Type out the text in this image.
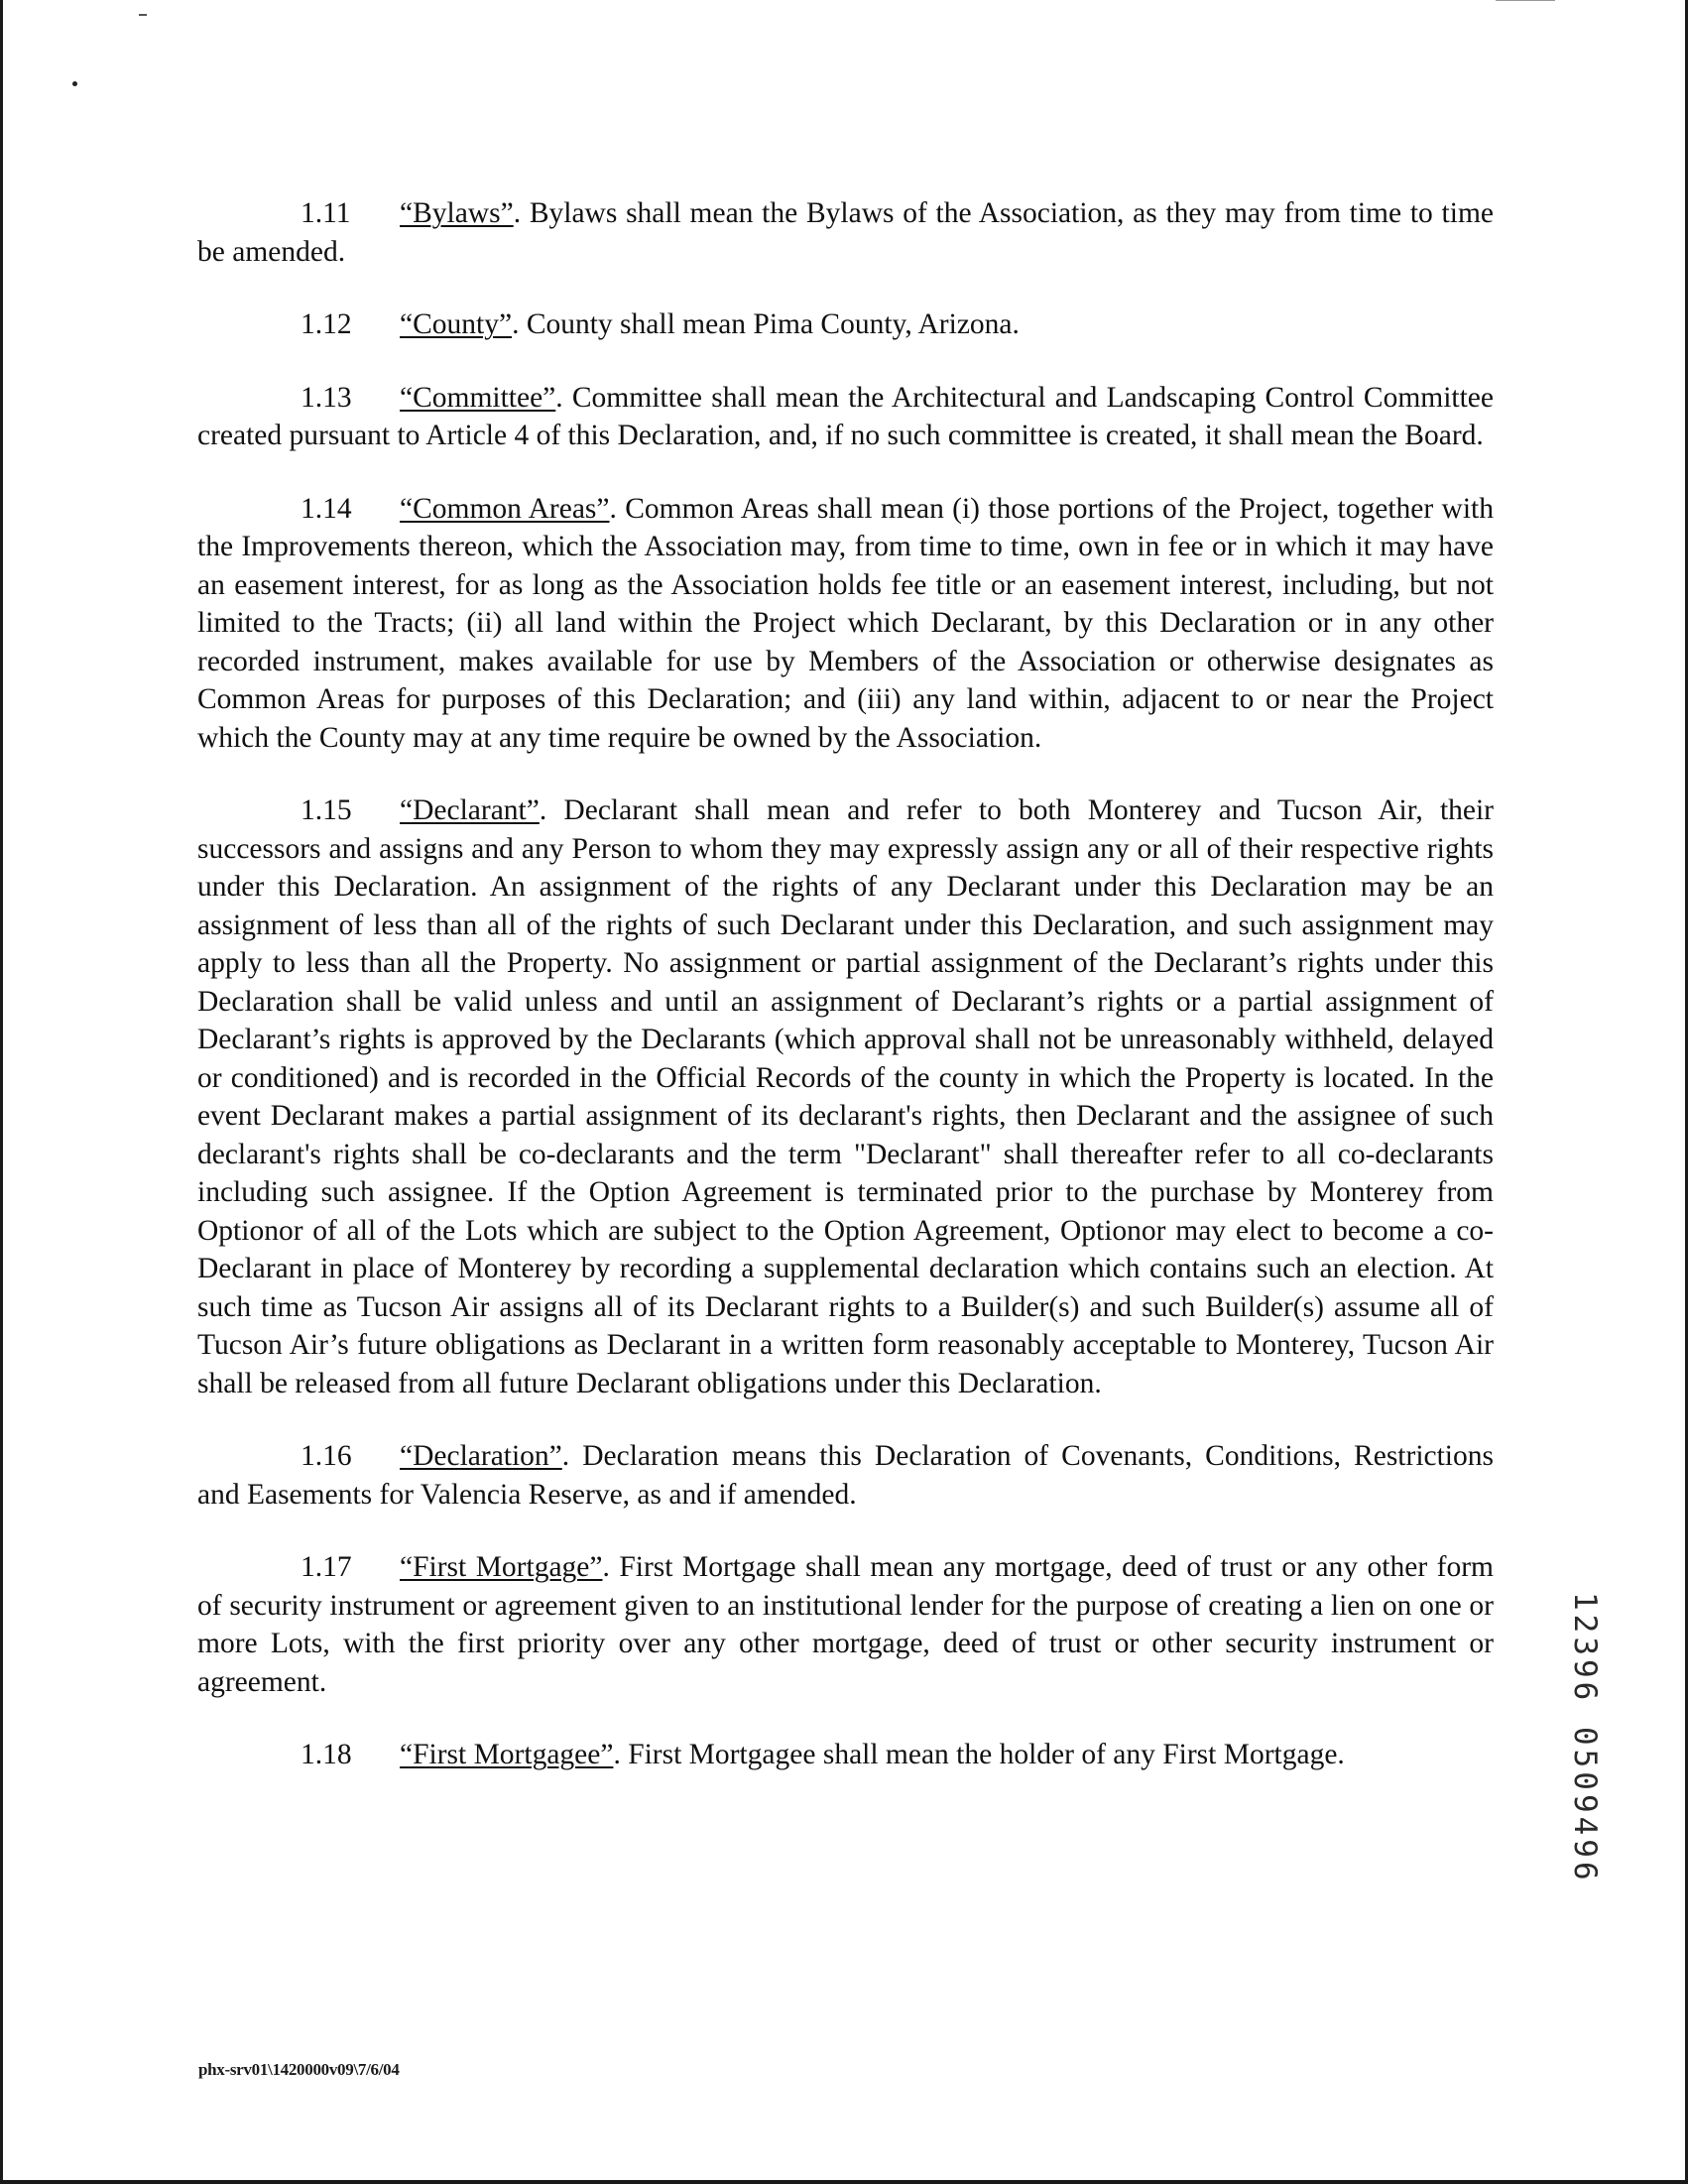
1.11 “Bylaws”. Bylaws shall mean the Bylaws of the Association, as they may from time to time be amended.

1.12 “County”. County shall mean Pima County, Arizona.

1.13 “Committee”. Committee shall mean the Architectural and Landscaping Control Committee created pursuant to Article 4 of this Declaration, and, if no such committee is created, it shall mean the Board.

1.14 “Common Areas”. Common Areas shall mean (i) those portions of the Project, together with the Improvements thereon, which the Association may, from time to time, own in fee or in which it may have an easement interest, for as long as the Association holds fee title or an easement interest, including, but not limited to the Tracts; (ii) all land within the Project which Declarant, by this Declaration or in any other recorded instrument, makes available for use by Members of the Association or otherwise designates as Common Areas for purposes of this Declaration; and (iii) any land within, adjacent to or near the Project which the County may at any time require be owned by the Association.

1.15 “Declarant”. Declarant shall mean and refer to both Monterey and Tucson Air, their successors and assigns and any Person to whom they may expressly assign any or all of their respective rights under this Declaration. An assignment of the rights of any Declarant under this Declaration may be an assignment of less than all of the rights of such Declarant under this Declaration, and such assignment may apply to less than all the Property. No assignment or partial assignment of the Declarant’s rights under this Declaration shall be valid unless and until an assignment of Declarant’s rights or a partial assignment of Declarant’s rights is approved by the Declarants (which approval shall not be unreasonably withheld, delayed or conditioned) and is recorded in the Official Records of the county in which the Property is located. In the event Declarant makes a partial assignment of its declarant's rights, then Declarant and the assignee of such declarant's rights shall be co-declarants and the term "Declarant" shall thereafter refer to all co-declarants including such assignee. If the Option Agreement is terminated prior to the purchase by Monterey from Optionor of all of the Lots which are subject to the Option Agreement, Optionor may elect to become a co-Declarant in place of Monterey by recording a supplemental declaration which contains such an election. At such time as Tucson Air assigns all of its Declarant rights to a Builder(s) and such Builder(s) assume all of Tucson Air’s future obligations as Declarant in a written form reasonably acceptable to Monterey, Tucson Air shall be released from all future Declarant obligations under this Declaration.

1.16 “Declaration”. Declaration means this Declaration of Covenants, Conditions, Restrictions and Easements for Valencia Reserve, as and if amended.

1.17 “First Mortgage”. First Mortgage shall mean any mortgage, deed of trust or any other form of security instrument or agreement given to an institutional lender for the purpose of creating a lien on one or more Lots, with the first priority over any other mortgage, deed of trust or other security instrument or agreement.

1.18 “First Mortgagee”. First Mortgagee shall mean the holder of any First Mortgage.	12396 0509496
phx-srv01\1420000v09\7/6/04
